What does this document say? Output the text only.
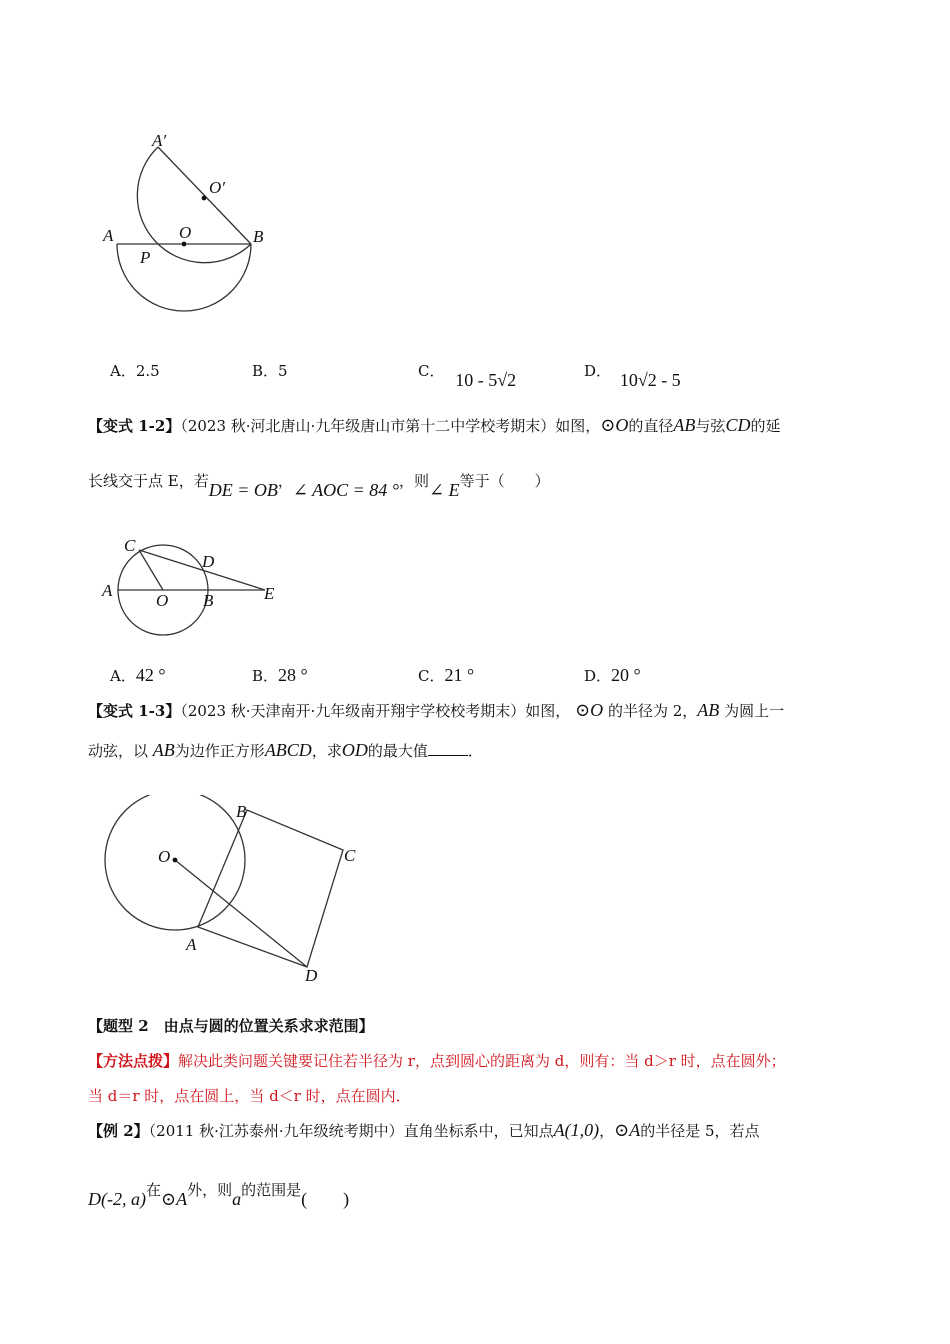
A′
O′
A	O	B
P
A．2.5	B．5	C． 10 - 5√2	D． 10√2 - 5
【变式 1-2】（2023 秋·河北唐山·九年级唐山市第十二中学校考期末）如图，⊙O的直径AB与弦CD的延
长线交于点 E，若DE = OB，∠ AOC = 84 °，则∠ E等于（　　）
C
D
A
O B	E
A．42 °	B．28 °	C．21 °	D．20 °
【变式 1-3】（2023 秋·天津南开·九年级南开翔宇学校校考期末）如图， ⊙O 的半径为 2，AB 为圆上一
动弦，以 AB为边作正方形ABCD，求OD的最大值	．
O
B
C
A
D
【题型 2　由点与圆的位置关系求求范围】
【方法点拨】解决此类问题关键要记住若半径为 r，点到圆心的距离为 d，则有：当 d＞r 时，点在圆外；
当 d＝r 时，点在圆上，当 d＜r 时，点在圆内．
【例 2】（2011 秋·江苏泰州·九年级统考期中）直角坐标系中，已知点A(1,0)，⊙A的半径是 5，若点
D(-2, a)在⊙A外，则a的范围是(　　)
